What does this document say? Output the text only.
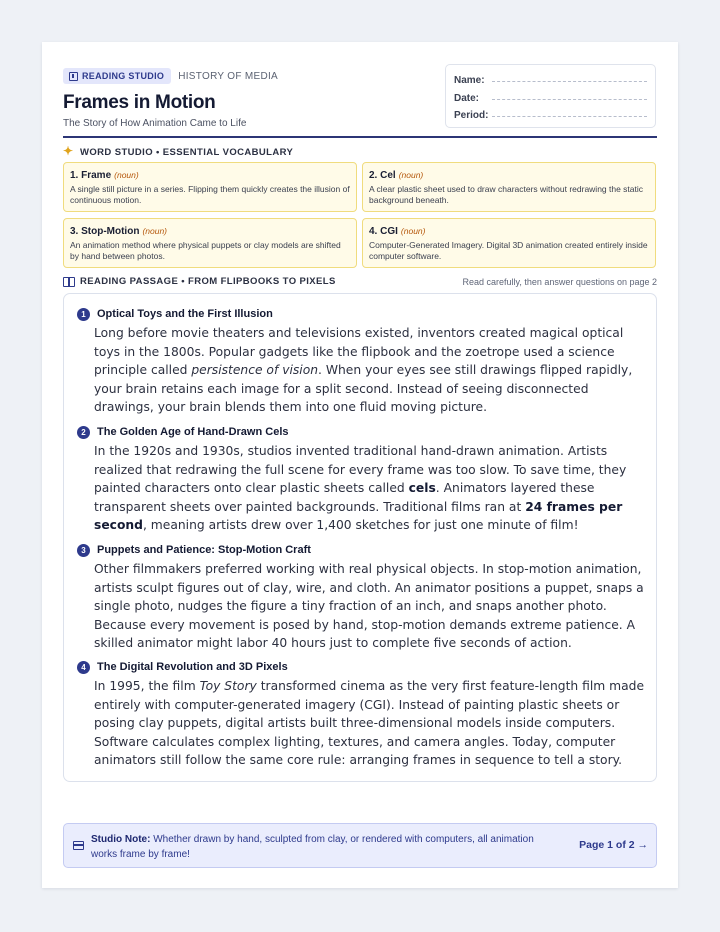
READING STUDIO HISTORY OF MEDIA
Frames in Motion
The Story of How Animation Came to Life
Name:
Date:
Period:
✦
WORD STUDIO • ESSENTIAL VOCABULARY
1. Frame (noun)
A single still picture in a series. Flipping them quickly creates the illusion of continuous motion.
2. Cel (noun)
A clear plastic sheet used to draw characters without redrawing the static background beneath.
3. Stop-Motion (noun)
An animation method where physical puppets or clay models are shifted by hand between photos.
4. CGI (noun)
Computer-Generated Imagery. Digital 3D animation created entirely inside computer software.
READING PASSAGE • FROM FLIPBOOKS TO PIXELS	Read carefully, then answer questions on page 2
1	Optical Toys and the First Illusion
Long before movie theaters and televisions existed, inventors created magical optical toys in the 1800s. Popular gadgets like the flipbook and the zoetrope used a science principle called persistence of vision. When your eyes see still drawings flipped rapidly, your brain retains each image for a split second. Instead of seeing disconnected drawings, your brain blends them into one fluid moving picture.
2	The Golden Age of Hand-Drawn Cels
In the 1920s and 1930s, studios invented traditional hand-drawn animation. Artists realized that redrawing the full scene for every frame was too slow. To save time, they painted characters onto clear plastic sheets called cels. Animators layered these transparent sheets over painted backgrounds. Traditional films ran at 24 frames per second, meaning artists drew over 1,400 sketches for just one minute of film!
3	Puppets and Patience: Stop-Motion Craft
Other filmmakers preferred working with real physical objects. In stop-motion animation, artists sculpt figures out of clay, wire, and cloth. An animator positions a puppet, snaps a single photo, nudges the figure a tiny fraction of an inch, and snaps another photo. Because every movement is posed by hand, stop-motion demands extreme patience. A skilled animator might labor 40 hours just to complete five seconds of action.
4	The Digital Revolution and 3D Pixels
In 1995, the film Toy Story transformed cinema as the very first feature-length film made entirely with computer-generated imagery (CGI). Instead of painting plastic sheets or posing clay puppets, digital artists built three-dimensional models inside computers. Software calculates complex lighting, textures, and camera angles. Today, computer animators still follow the same core rule: arranging frames in sequence to tell a story.
Studio Note: Whether drawn by hand, sculpted from clay, or rendered with computers, all animation works frame by frame!
Page 1 of 2 →
